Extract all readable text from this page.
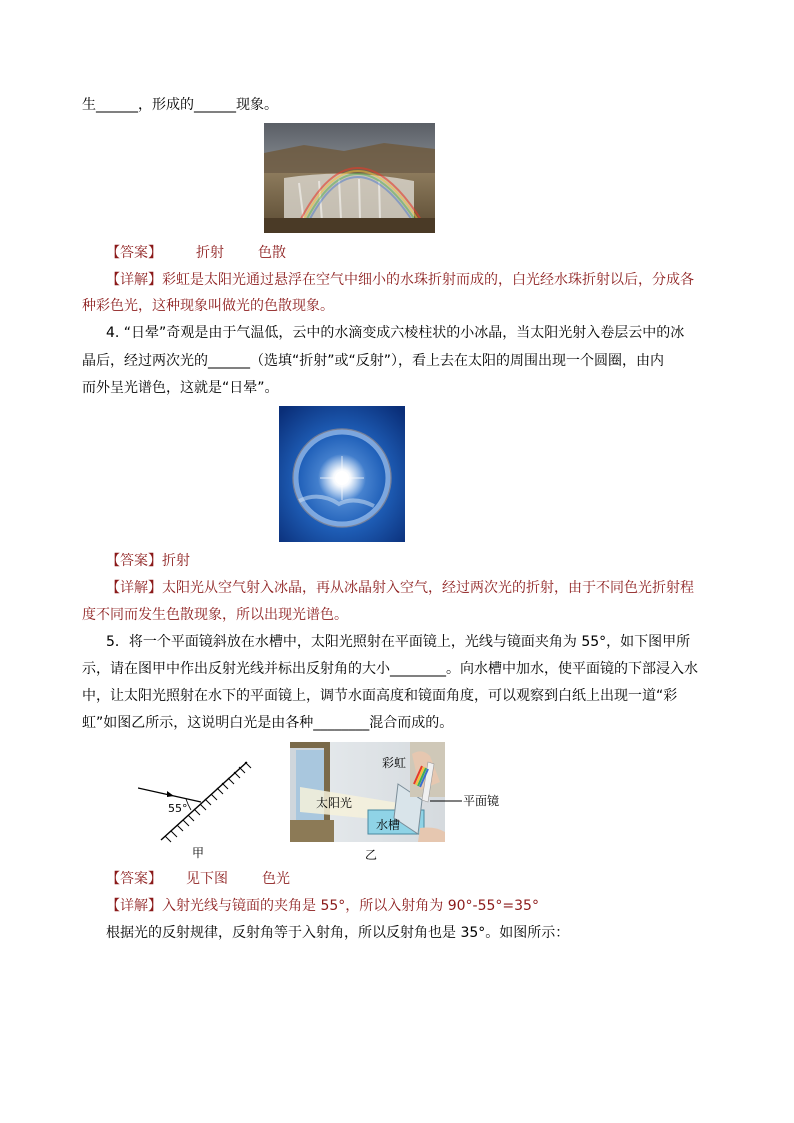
生______，形成的______现象。
【答案】 折射 色散
【详解】彩虹是太阳光通过悬浮在空气中细小的水珠折射而成的，白光经水珠折射以后，分成各
种彩色光，这种现象叫做光的色散现象。
4. “日晕”奇观是由于气温低，云中的水滴变成六棱柱状的小冰晶，当太阳光射入卷层云中的冰
晶后，经过两次光的______（选填“折射”或“反射”），看上去在太阳的周围出现一个圆圈，由内
而外呈光谱色，这就是“日晕”。
【答案】折射
【详解】太阳光从空气射入冰晶，再从冰晶射入空气，经过两次光的折射，由于不同色光折射程
度不同而发生色散现象，所以出现光谱色。
5．将一个平面镜斜放在水槽中，太阳光照射在平面镜上，光线与镜面夹角为 55°，如下图甲所
示，请在图甲中作出反射光线并标出反射角的大小________。向水槽中加水，使平面镜的下部浸入水
中，让太阳光照射在水下的平面镜上，调节水面高度和镜面角度，可以观察到白纸上出现一道“彩
虹”如图乙所示，这说明白光是由各种________混合而成的。
55°
甲
彩虹
太阳光
水槽
平面镜
乙
【答案】 见下图 色光
【详解】入射光线与镜面的夹角是 55°，所以入射角为 90°-55°=35°
根据光的反射规律，反射角等于入射角，所以反射角也是 35°。如图所示：
